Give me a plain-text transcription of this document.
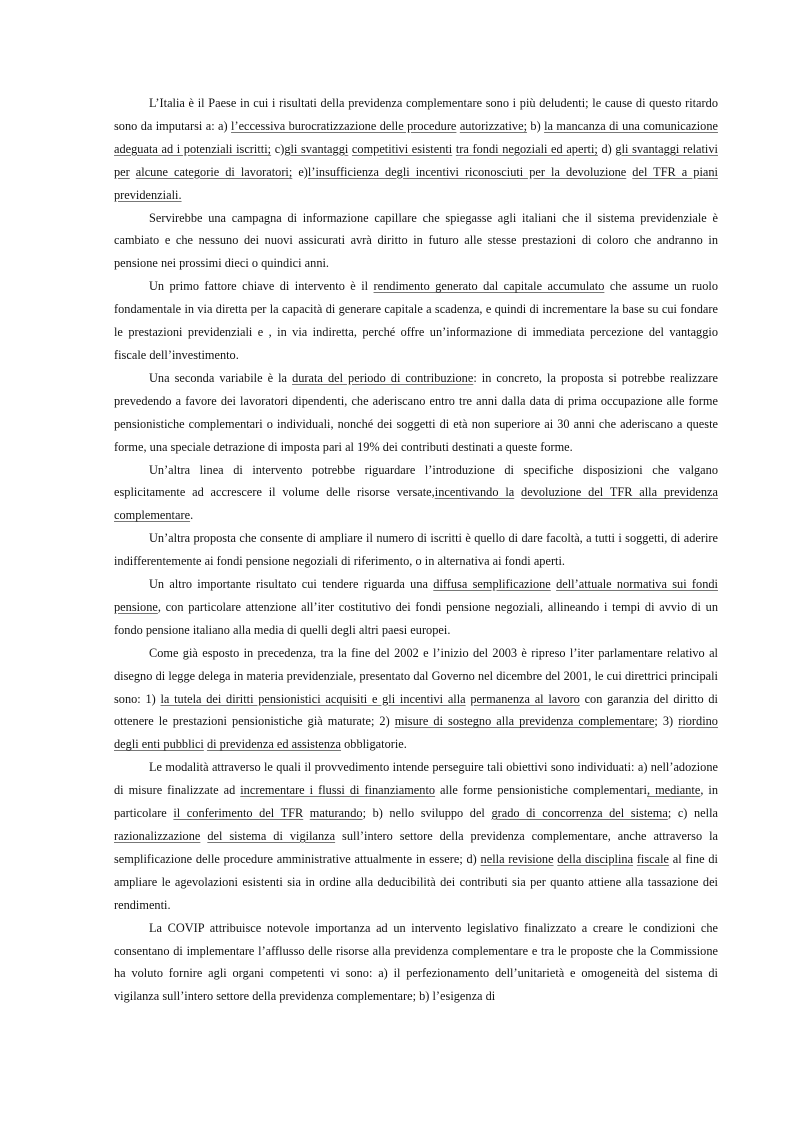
L’Italia è il Paese in cui i risultati della previdenza complementare sono i più deludenti; le cause di questo ritardo sono da imputarsi a: a) l’eccessiva burocratizzazione delle procedure autorizzative; b) la mancanza di una comunicazione adeguata ad i potenziali iscritti; c)gli svantaggi competitivi esistenti tra fondi negoziali ed aperti; d) gli svantaggi relativi per alcune categorie di lavoratori; e)l’insufficienza degli incentivi riconosciuti per la devoluzione del TFR a piani previdenziali.

Servirebbe una campagna di informazione capillare che spiegasse agli italiani che il sistema previdenziale è cambiato e che nessuno dei nuovi assicurati avrà diritto in futuro alle stesse prestazioni di coloro che andranno in pensione nei prossimi dieci o quindici anni.

Un primo fattore chiave di intervento è il rendimento generato dal capitale accumulato che assume un ruolo fondamentale in via diretta per la capacità di generare capitale a scadenza, e quindi di incrementare la base su cui fondare le prestazioni previdenziali e , in via indiretta, perché offre un’informazione di immediata percezione del vantaggio fiscale dell’investimento.

Una seconda variabile è la durata del periodo di contribuzione: in concreto, la proposta si potrebbe realizzare prevedendo a favore dei lavoratori dipendenti, che aderiscano entro tre anni dalla data di prima occupazione alle forme pensionistiche complementari o individuali, nonché dei soggetti di età non superiore ai 30 anni che aderiscano a queste forme, una speciale detrazione di imposta pari al 19% dei contributi destinati a queste forme.

Un’altra linea di intervento potrebbe riguardare l’introduzione di specifiche disposizioni che valgano esplicitamente ad accrescere il volume delle risorse versate,incentivando la devoluzione del TFR alla previdenza complementare.

Un’altra proposta che consente di ampliare il numero di iscritti è quello di dare facoltà, a tutti i soggetti, di aderire indifferentemente ai fondi pensione negoziali di riferimento, o in alternativa ai fondi aperti.

Un altro importante risultato cui tendere riguarda una diffusa semplificazione dell’attuale normativa sui fondi pensione, con particolare attenzione all’iter costitutivo dei fondi pensione negoziali, allineando i tempi di avvio di un fondo pensione italiano alla media di quelli degli altri paesi europei.

Come già esposto in precedenza, tra la fine del 2002 e l’inizio del 2003 è ripreso l’iter parlamentare relativo al disegno di legge delega in materia previdenziale, presentato dal Governo nel dicembre del 2001, le cui direttrici principali sono: 1) la tutela dei diritti pensionistici acquisiti e gli incentivi alla permanenza al lavoro con garanzia del diritto di ottenere le prestazioni pensionistiche già maturate; 2) misure di sostegno alla previdenza complementare; 3) riordino degli enti pubblici di previdenza ed assistenza obbligatorie.

Le modalità attraverso le quali il provvedimento intende perseguire tali obiettivi sono individuati: a) nell’adozione di misure finalizzate ad incrementare i flussi di finanziamento alle forme pensionistiche complementari, mediante, in particolare il conferimento del TFR maturando; b) nello sviluppo del grado di concorrenza del sistema; c) nella razionalizzazione del sistema di vigilanza sull’intero settore della previdenza complementare, anche attraverso la semplificazione delle procedure amministrative attualmente in essere; d) nella revisione della disciplina fiscale al fine di ampliare le agevolazioni esistenti sia in ordine alla deducibilità dei contributi sia per quanto attiene alla tassazione dei rendimenti.

La COVIP attribuisce notevole importanza ad un intervento legislativo finalizzato a creare le condizioni che consentano di implementare l’afflusso delle risorse alla previdenza complementare e tra le proposte che la Commissione ha voluto fornire agli organi competenti vi sono: a) il perfezionamento dell’unitarietà e omogeneità del sistema di vigilanza sull’intero settore della previdenza complementare; b) l’esigenza di
